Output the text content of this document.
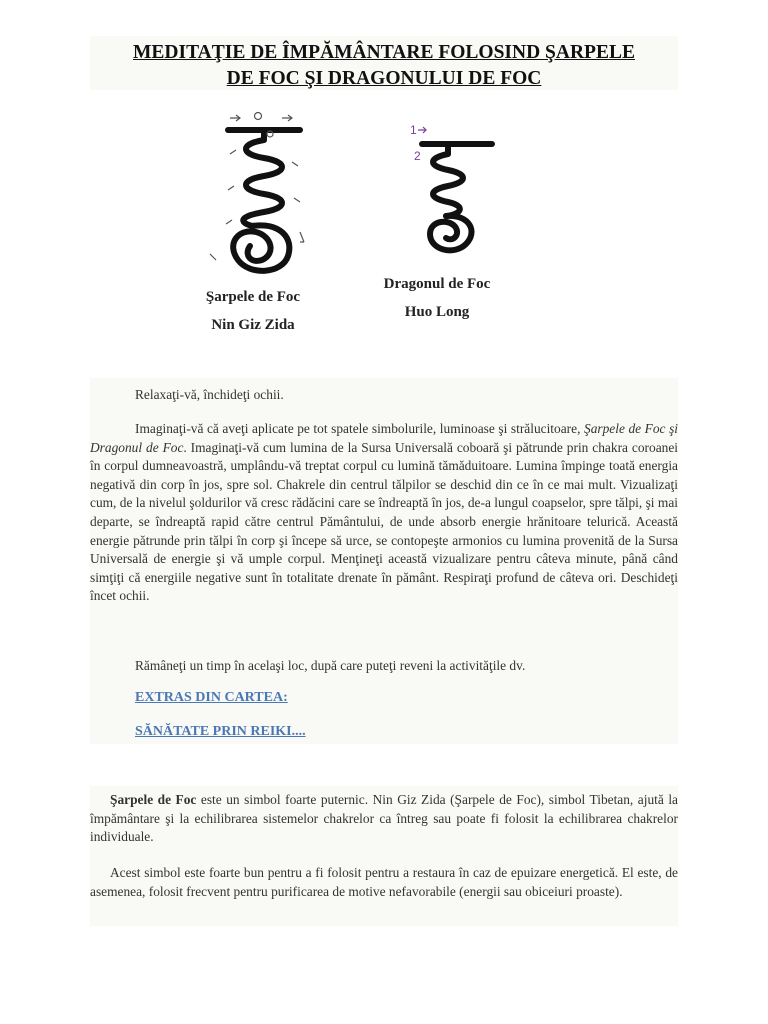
MEDITAŢIE DE ÎMPĂMÂNTARE FOLOSIND ŞARPELE
DE FOC ŞI DRAGONULUI DE FOC
1
2
Şarpele de Foc
Nin Giz Zida
Dragonul de Foc
Huo Long

Relaxaţi-vă, închideţi ochii.

Imaginaţi-vă că aveţi aplicate pe tot spatele simbolurile, luminoase şi strălucitoare, Şarpele de Foc şi Dragonul de Foc. Imaginaţi-vă cum lumina de la Sursa Universală coboară şi pătrunde prin chakra coroanei în corpul dumneavoastră, umplându-vă treptat corpul cu lumină tămăduitoare. Lumina împinge toată energia negativă din corp în jos, spre sol. Chakrele din centrul tălpilor se deschid din ce în ce mai mult. Vizualizaţi cum, de la nivelul şoldurilor vă cresc rădăcini care se îndreaptă în jos, de-a lungul coapselor, spre tălpi, şi mai departe, se îndreaptă rapid către centrul Pământului, de unde absorb energie hrănitoare telurică. Această energie pătrunde prin tălpi în corp şi începe să urce, se contopeşte armonios cu lumina provenită de la Sursa Universală de energie şi vă umple corpul. Menţineţi această vizualizare pentru câteva minute, până când simţiţi că energiile negative sunt în totalitate drenate în pământ. Respiraţi profund de câteva ori. Deschideţi încet ochii.

Rămâneţi un timp în acelaşi loc, după care puteţi reveni la activităţile dv.

EXTRAS DIN CARTEA:
SĂNĂTATE PRIN REIKI....

Şarpele de Foc este un simbol foarte puternic. Nin Giz Zida (Şarpele de Foc), simbol Tibetan, ajută la împământare şi la echilibrarea sistemelor chakrelor ca întreg sau poate fi folosit la echilibrarea chakrelor individuale.

Acest simbol este foarte bun pentru a fi folosit pentru a restaura în caz de epuizare energetică. El este, de asemenea, folosit frecvent pentru purificarea de motive nefavorabile (energii sau obiceiuri proaste).
